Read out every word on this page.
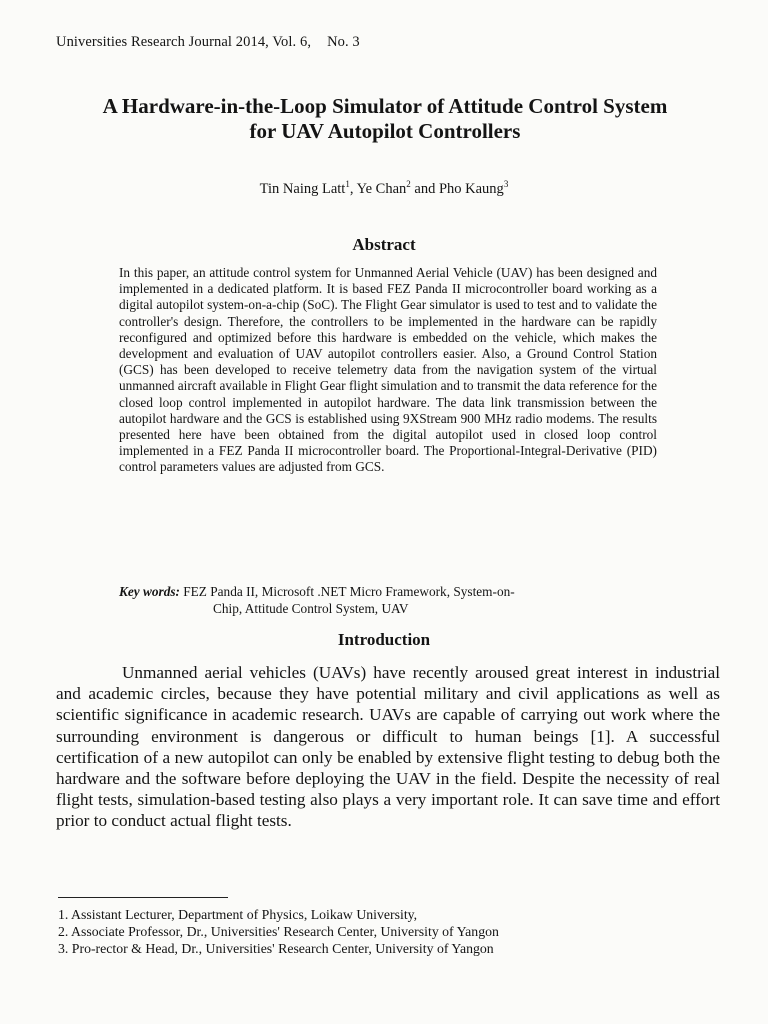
Universities Research Journal 2014, Vol. 6, No. 3
A Hardware-in-the-Loop Simulator of Attitude Control System
for UAV Autopilot Controllers
Tin Naing Latt$^1$, Ye Chan$^2$ and Pho Kaung$^3$
Abstract

In this paper, an attitude control system for Unmanned Aerial Vehicle (UAV) has been designed and implemented in a dedicated platform. It is based FEZ Panda II microcontroller board working as a digital autopilot system-on-a-chip (SoC). The Flight Gear simulator is used to test and to validate the controller's design. Therefore, the controllers to be implemented in the hardware can be rapidly reconfigured and optimized before this hardware is embedded on the vehicle, which makes the development and evaluation of UAV autopilot controllers easier. Also, a Ground Control Station (GCS) has been developed to receive telemetry data from the navigation system of the virtual unmanned aircraft available in Flight Gear flight simulation and to transmit the data reference for the closed loop control implemented in autopilot hardware. The data link transmission between the autopilot hardware and the GCS is established using 9XStream 900 MHz radio modems. The results presented here have been obtained from the digital autopilot used in closed loop control implemented in a FEZ Panda II microcontroller board. The Proportional-Integral-Derivative (PID) control parameters values are adjusted from GCS.

Key words: FEZ Panda II, Microsoft .NET Micro Framework, System-on-
Chip, Attitude Control System, UAV
Introduction

Unmanned aerial vehicles (UAVs) have recently aroused great interest in industrial and academic circles, because they have potential military and civil applications as well as scientific significance in academic research. UAVs are capable of carrying out work where the surrounding environment is dangerous or difficult to human beings [1]. A successful certification of a new autopilot can only be enabled by extensive flight testing to debug both the hardware and the software before deploying the UAV in the field. Despite the necessity of real flight tests, simulation-based testing also plays a very important role. It can save time and effort prior to conduct actual flight tests.

1. Assistant Lecturer, Department of Physics, Loikaw University,
2. Associate Professor, Dr., Universities' Research Center, University of Yangon
3. Pro-rector & Head, Dr., Universities' Research Center, University of Yangon
